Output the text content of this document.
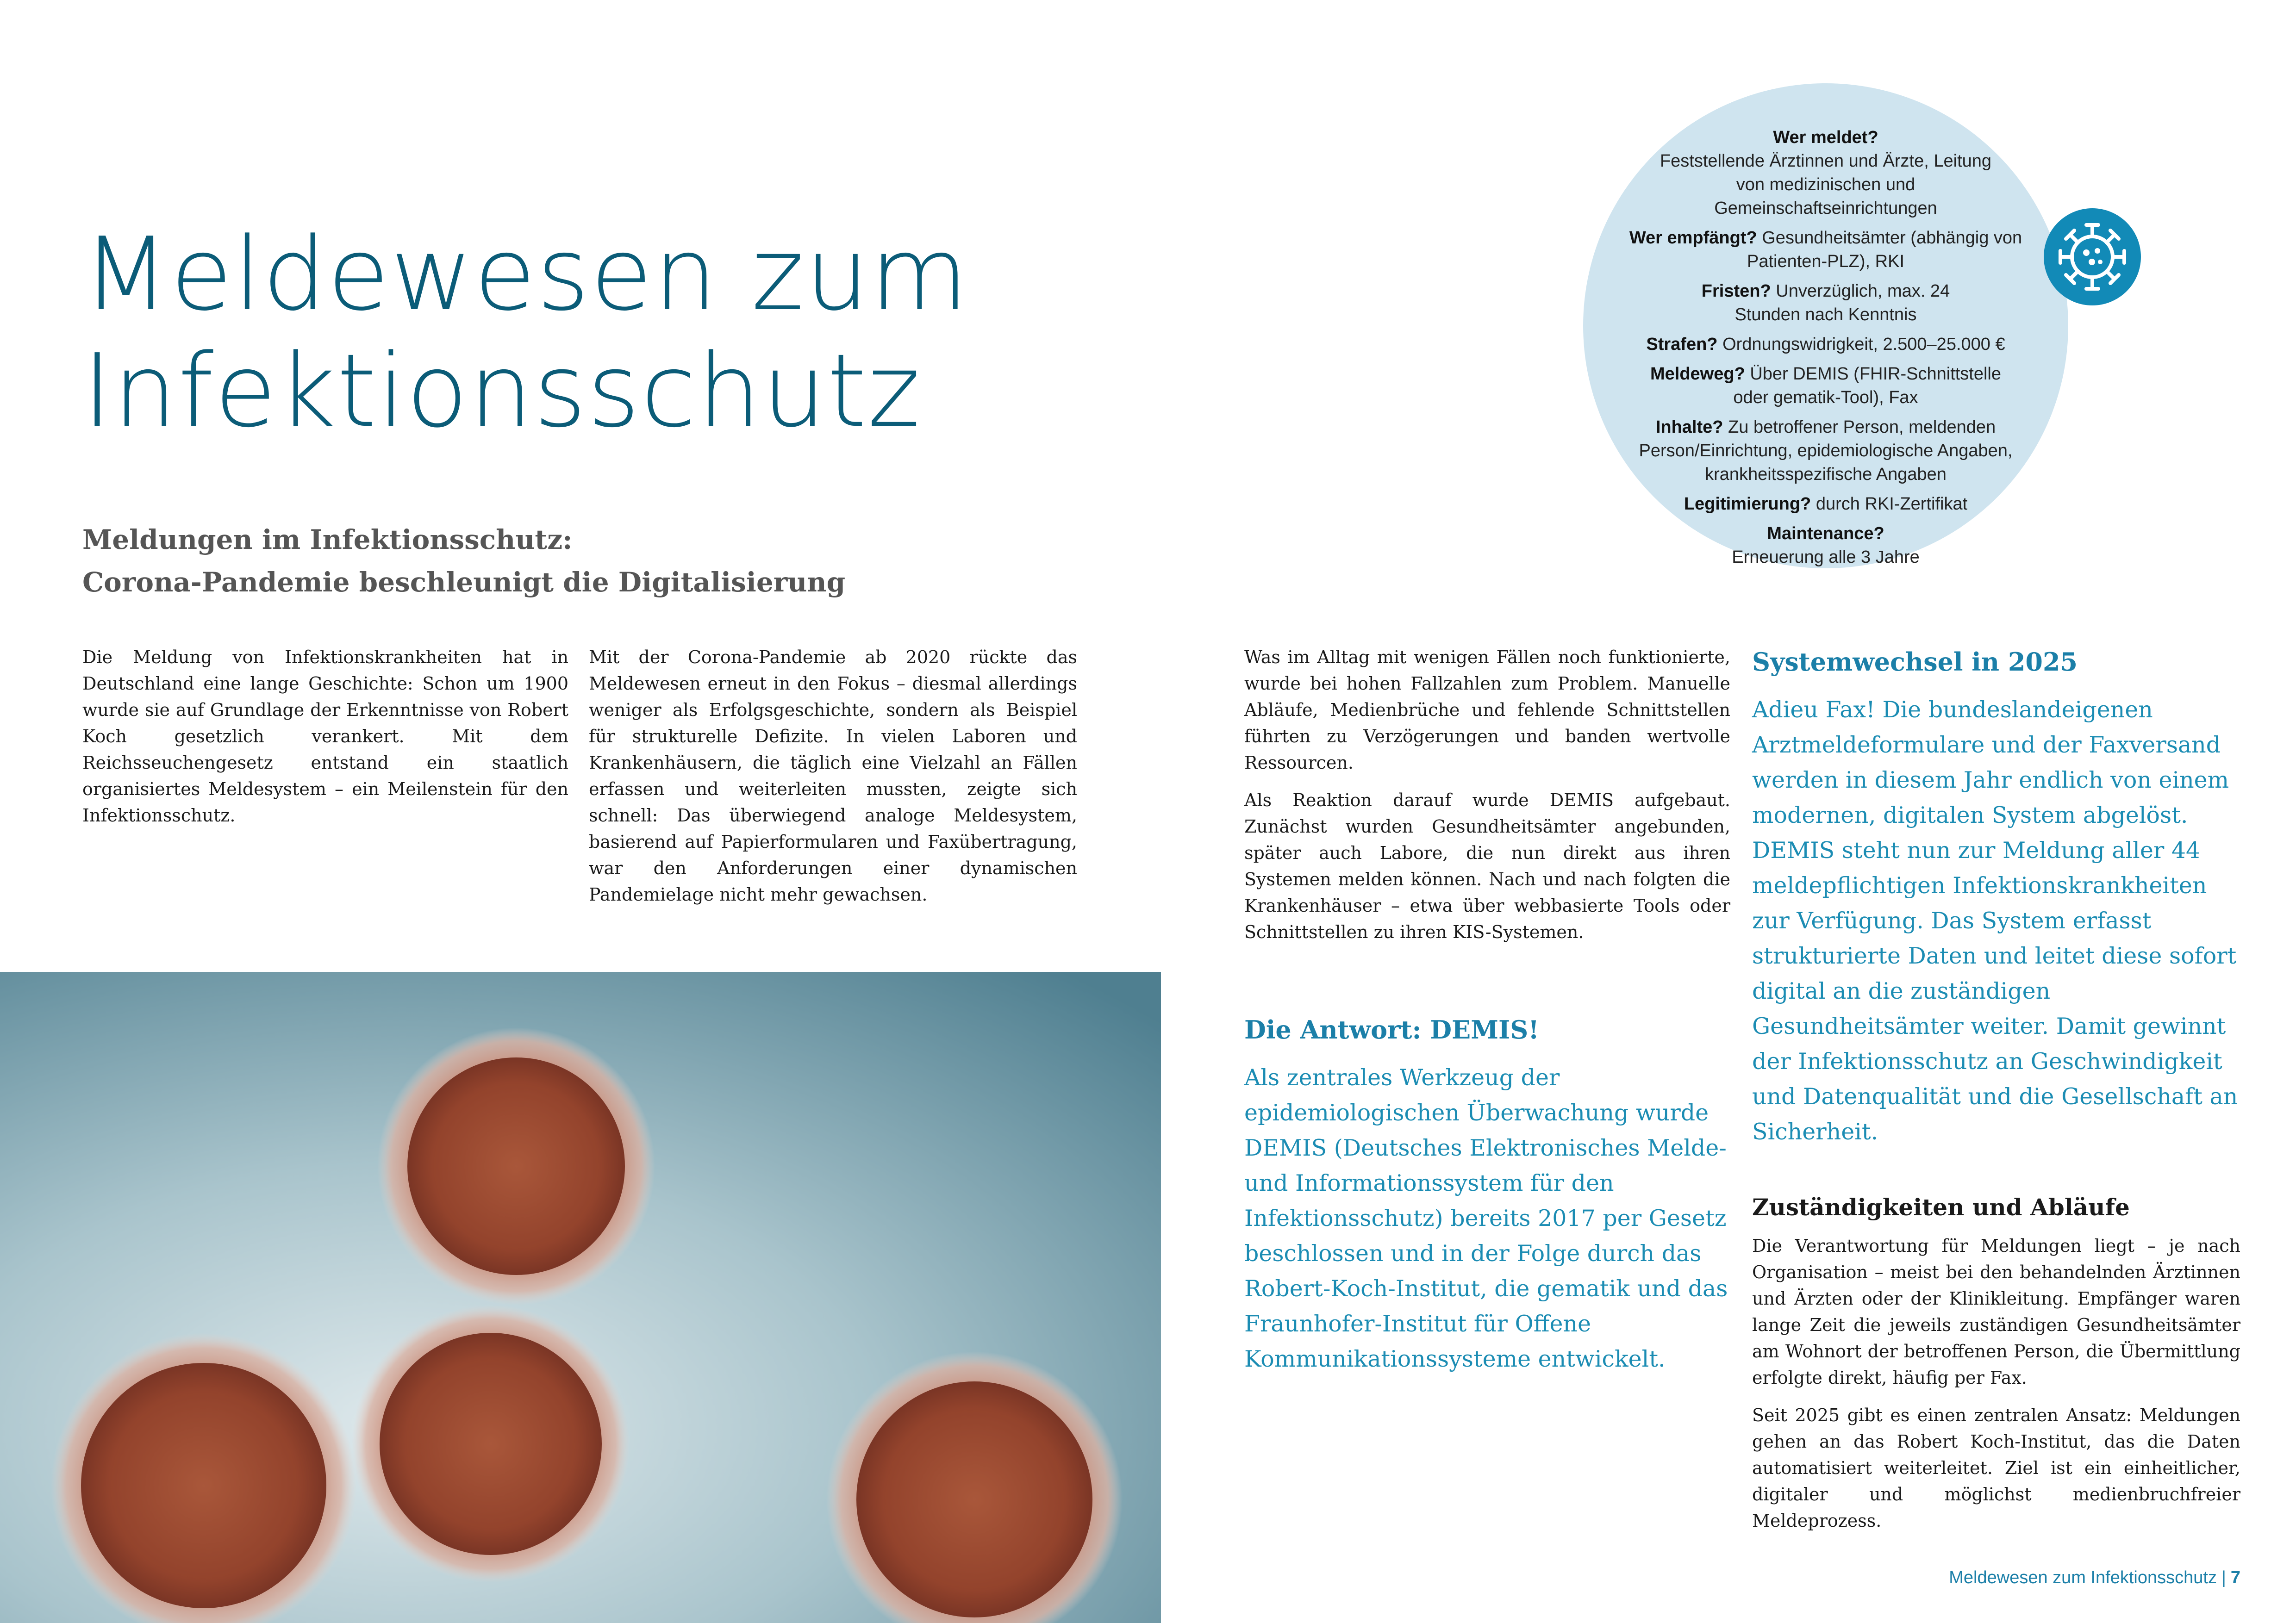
Meldewesen zum
Infektionsschutz
Meldungen im Infektionsschutz:
Corona-Pandemie beschleunigt die Digitalisierung

Die Meldung von Infektionskrankheiten hat in Deutschland eine lange Geschichte: Schon um 1900 wurde sie auf Grundlage der Erkenntnisse von Robert Koch gesetzlich verankert. Mit dem Reichsseuchengesetz entstand ein staatlich organisiertes Meldesystem – ein Meilenstein für den Infektionsschutz.

Mit der Corona-Pandemie ab 2020 rückte das Meldewesen erneut in den Fokus – diesmal allerdings weniger als Erfolgsgeschichte, sondern als Beispiel für strukturelle Defizite. In vielen Laboren und Krankenhäusern, die täglich eine Vielzahl an Fällen erfassen und weiterleiten mussten, zeigte sich schnell: Das überwiegend analoge Meldesystem, basierend auf Papierformularen und Faxübertragung, war den Anforderungen einer dynamischen Pandemielage nicht mehr gewachsen.

Was im Alltag mit wenigen Fällen noch funktionierte, wurde bei hohen Fallzahlen zum Problem. Manuelle Abläufe, Medienbrüche und fehlende Schnittstellen führten zu Verzögerungen und banden wertvolle Ressourcen.

Als Reaktion darauf wurde DEMIS aufgebaut. Zunächst wurden Gesundheitsämter angebunden, später auch Labore, die nun direkt aus ihren Systemen melden können. Nach und nach folgten die Krankenhäuser – etwa über webbasierte Tools oder Schnittstellen zu ihren KIS-Systemen.

Die Antwort: DEMIS!

Als zentrales Werkzeug der epidemiologischen Überwachung wurde DEMIS (Deutsches Elektronisches Melde- und Informationssystem für den Infektionsschutz) bereits 2017 per Gesetz beschlossen und in der Folge durch das Robert-Koch-Institut, die gematik und das Fraunhofer-Institut für Offene Kommunikationssysteme entwickelt.

Systemwechsel in 2025

Adieu Fax! Die bundeslandeigenen Arztmeldeformulare und der Faxversand werden in diesem Jahr endlich von einem modernen, digitalen System abgelöst. DEMIS steht nun zur Meldung aller 44 meldepflichtigen Infektionskrankheiten zur Verfügung. Das System erfasst strukturierte Daten und leitet diese sofort digital an die zuständigen Gesundheitsämter weiter. Damit gewinnt der Infektionsschutz an Geschwindigkeit und Datenqualität und die Gesellschaft an Sicherheit.

Zuständigkeiten und Abläufe

Die Verantwortung für Meldungen liegt – je nach Organisation – meist bei den behandelnden Ärztinnen und Ärzten oder der Klinikleitung. Empfänger waren lange Zeit die jeweils zuständigen Gesundheitsämter am Wohnort der betroffenen Person, die Übermittlung erfolgte direkt, häufig per Fax.

Seit 2025 gibt es einen zentralen Ansatz: Meldungen gehen an das Robert Koch-Institut, das die Daten automatisiert weiterleitet. Ziel ist ein einheitlicher, digitaler und möglichst medienbruchfreier Meldeprozess.

Wer meldet?
Feststellende Ärztinnen und Ärzte, Leitung von medizinischen und Gemeinschaftseinrichtungen
Wer empfängt? Gesundheitsämter (abhängig von Patienten-PLZ), RKI
Fristen? Unverzüglich, max. 24 Stunden nach Kenntnis
Strafen? Ordnungswidrigkeit, 2.500–25.000 €
Meldeweg? Über DEMIS (FHIR-Schnittstelle oder gematik-Tool), Fax
Inhalte? Zu betroffener Person, meldenden Person/Einrichtung, epidemiologische Angaben, krankheitsspezifische Angaben
Legitimierung? durch RKI-Zertifikat
Maintenance? Erneuerung alle 3 Jahre
Meldewesen zum Infektionsschutz | 7
